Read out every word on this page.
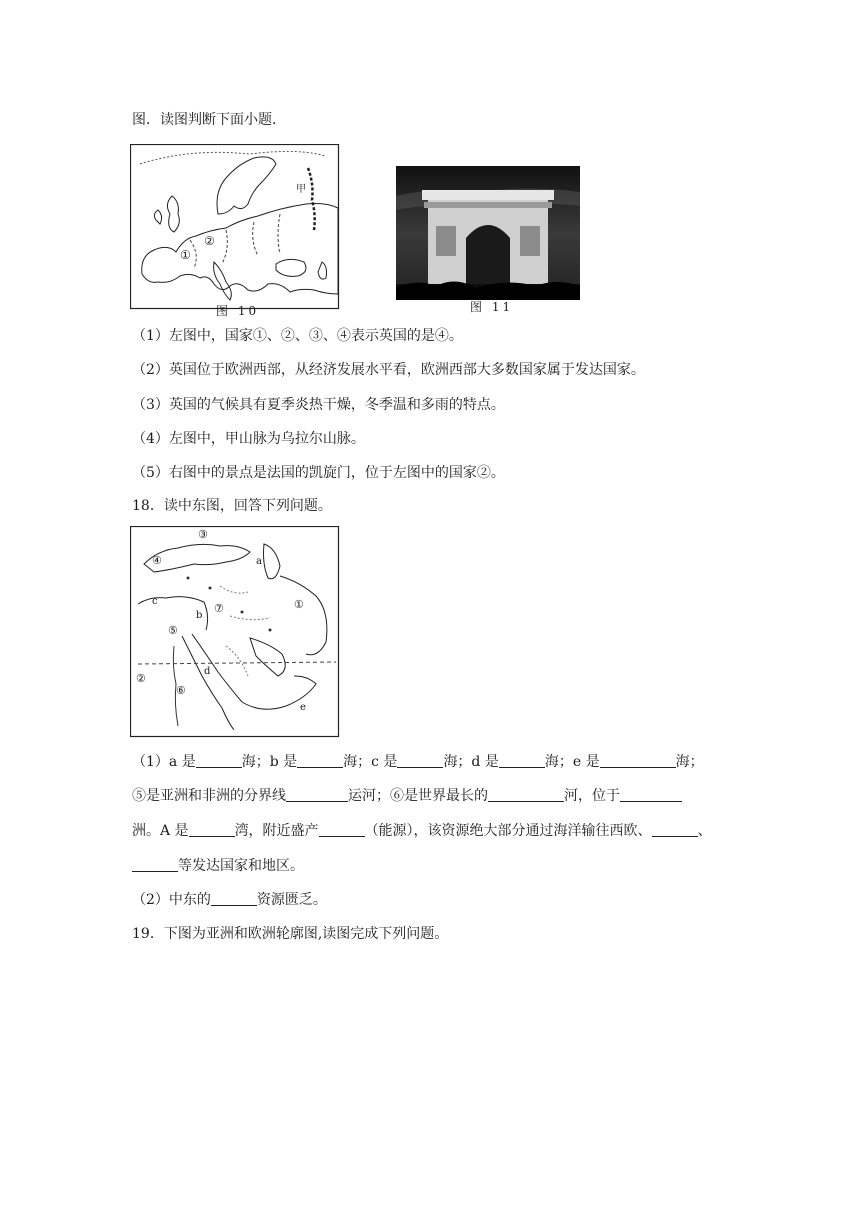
图．读图判断下面小题．
甲
①
②
图 10	图 11
（1）左图中，国家①、②、③、④表示英国的是④。
（2）英国位于欧洲西部，从经济发展水平看，欧洲西部大多数国家属于发达国家。
（3）英国的气候具有夏季炎热干燥，冬季温和多雨的特点。
（4）左图中，甲山脉为乌拉尔山脉。
（5）右图中的景点是法国的凯旋门，位于左图中的国家②。
18．读中东图，回答下列问题。
③
④	a
①
c
b
⑦
⑤
②
d
⑥
e
（1）a 是	海；b 是	海；c 是	海；d 是	海；e 是	海；
⑤是亚洲和非洲的分界线	运河；⑥是世界最长的	河，位于
洲。A 是	湾，附近盛产	（能源），该资源绝大部分通过海洋输往西欧、	、
等发达国家和地区。
（2）中东的	资源匮乏。
19．下图为亚洲和欧洲轮廓图,读图完成下列问题。
